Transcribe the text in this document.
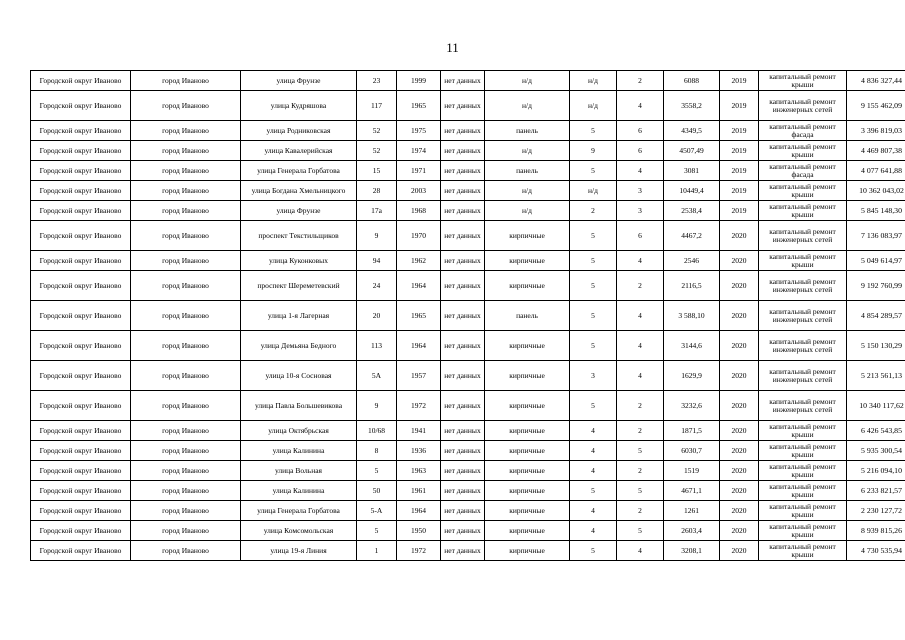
11
Городской округ Иваново	город Иваново	улица Фрунзе	23	1999	нет данных	н/д	н/д	2	6088	2019	капитальный ремонт крыши	4 836 327,44
Городской округ Иваново	город Иваново	улица Кудряшова	117	1965	нет данных	н/д	н/д	4	3558,2	2019	капитальный ремонт инженерных сетей	9 155 462,09
Городской округ Иваново	город Иваново	улица Родниковская	52	1975	нет данных	панель	5	6	4349,5	2019	капитальный ремонт фасада	3 396 819,03
Городской округ Иваново	город Иваново	улица Кавалерийская	52	1974	нет данных	н/д	9	6	4507,49	2019	капитальный ремонт крыши	4 469 807,38
Городской округ Иваново	город Иваново	улица Генерала Горбатова	15	1971	нет данных	панель	5	4	3081	2019	капитальный ремонт фасада	4 077 641,88
Городской округ Иваново	город Иваново	улица Богдана Хмельницкого	28	2003	нет данных	н/д	н/д	3	10449,4	2019	капитальный ремонт крыши	10 362 043,02
Городской округ Иваново	город Иваново	улица Фрунзе	17а	1968	нет данных	н/д	2	3	2538,4	2019	капитальный ремонт крыши	5 845 148,30
Городской округ Иваново	город Иваново	проспект Текстильщиков	9	1970	нет данных	кирпичные	5	6	4467,2	2020	капитальный ремонт инженерных сетей	7 136 083,97
Городской округ Иваново	город Иваново	улица Куконковых	94	1962	нет данных	кирпичные	5	4	2546	2020	капитальный ремонт крыши	5 049 614,97
Городской округ Иваново	город Иваново	проспект Шереметевский	24	1964	нет данных	кирпичные	5	2	2116,5	2020	капитальный ремонт инженерных сетей	9 192 760,99
Городской округ Иваново	город Иваново	улица 1-я Лагерная	20	1965	нет данных	панель	5	4	3 588,10	2020	капитальный ремонт инженерных сетей	4 854 289,57
Городской округ Иваново	город Иваново	улица Демьяна Бедного	113	1964	нет данных	кирпичные	5	4	3144,6	2020	капитальный ремонт инженерных сетей	5 150 130,29
Городской округ Иваново	город Иваново	улица 10-я Сосновая	5А	1957	нет данных	кирпичные	3	4	1629,9	2020	капитальный ремонт инженерных сетей	5 213 561,13
Городской округ Иваново	город Иваново	улица Павла Большевикова	9	1972	нет данных	кирпичные	5	2	3232,6	2020	капитальный ремонт инженерных сетей	10 340 117,62
Городской округ Иваново	город Иваново	улица Октябрьская	10/68	1941	нет данных	кирпичные	4	2	1871,5	2020	капитальный ремонт крыши	6 426 543,85
Городской округ Иваново	город Иваново	улица Калинина	8	1936	нет данных	кирпичные	4	5	6030,7	2020	капитальный ремонт крыши	5 935 300,54
Городской округ Иваново	город Иваново	улица Вольная	5	1963	нет данных	кирпичные	4	2	1519	2020	капитальный ремонт крыши	5 216 094,10
Городской округ Иваново	город Иваново	улица Калинина	50	1961	нет данных	кирпичные	5	5	4671,1	2020	капитальный ремонт крыши	6 233 821,57
Городской округ Иваново	город Иваново	улица Генерала Горбатова	5-А	1964	нет данных	кирпичные	4	2	1261	2020	капитальный ремонт крыши	2 230 127,72
Городской округ Иваново	город Иваново	улица Комсомольская	5	1950	нет данных	кирпичные	4	5	2603,4	2020	капитальный ремонт крыши	8 939 815,26
Городской округ Иваново	город Иваново	улица 19-я Линия	1	1972	нет данных	кирпичные	5	4	3208,1	2020	капитальный ремонт крыши	4 730 535,94
